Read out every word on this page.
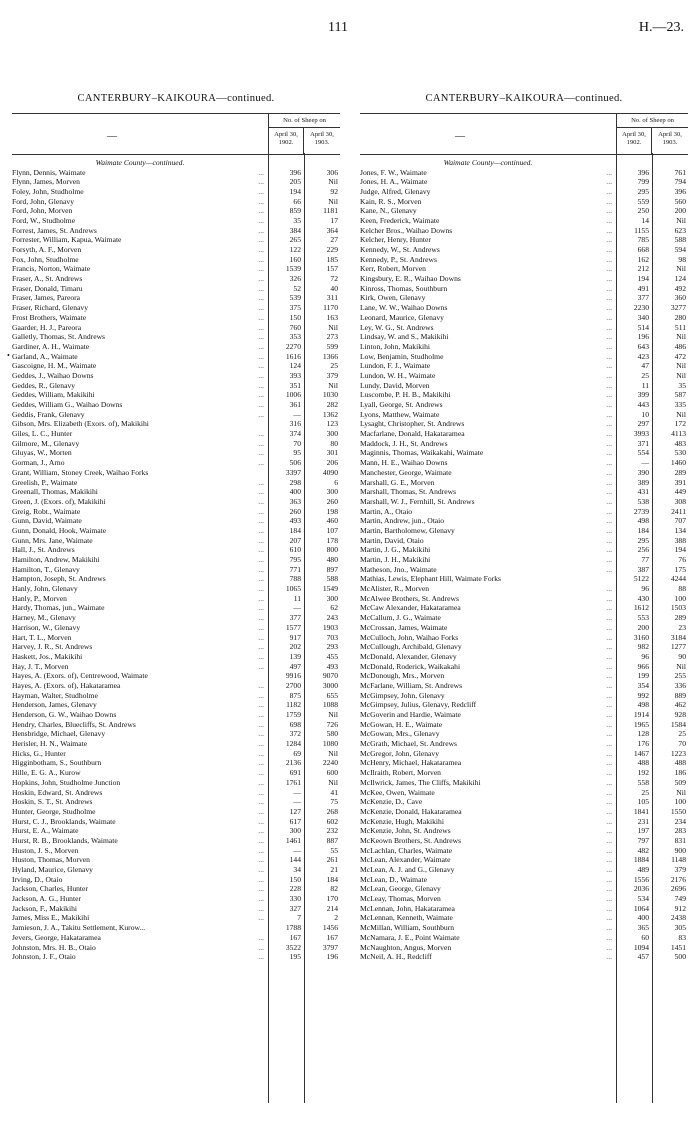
111	H.—23.
CANTERBURY–KAIKOURA—continued.
—
No. of Sheep on
April 30, 1902.
April 30, 1903.
Waimate County—continued.
Flynn, Dennis, Waimate	...	396	306
Flynn, James, Morven	...	205	Nil
Foley, John, Studholme	...	194	92
Ford, John, Glenavy	...	66	Nil
Ford, John, Morven	...	859	1181
Ford, W., Studholme	...	35	17
Forrest, James, St. Andrews	...	384	364
Forrester, William, Kapua, Waimate	...	265	27
Forsyth, A. F., Morven	...	122	229
Fox, John, Studholme	...	160	185
Francis, Norton, Waimate	...	1539	157
Fraser, A., St. Andrews	...	326	72
Fraser, Donald, Timaru	...	52	40
Fraser, James, Pareora	...	539	311
Fraser, Richard, Glenavy	...	375	1170
Frost Brothers, Waimate	...	150	163
Gaarder, H. J., Pareora	...	760	Nil
Galletly, Thomas, St. Andrews	...	353	273
Gardiner, A. H., Waimate	...	2270	599
Garland, A., Waimate	...	1616	1366
•
Gascoigne, H. M., Waimate	...	124	25
Geddes, J., Waihao Downs	...	393	379
Geddes, R., Glenavy	...	351	Nil
Geddes, William, Makikihi	...	1006	1030
Geddes, William G., Waihao Downs	...	361	282
Geddis, Frank, Glenavy	...	—	1362
Gibson, Mrs. Elizabeth (Exors. of), Makikihi	316	123
Giles, L. C., Hunter	...	374	300
Gilmore, M., Glenavy	...	70	80
Gluyas, W., Morten	...	95	301
Gorman, J., Arno	...	506	206
Grant, William, Stoney Creek, Waihao Forks	3397	4090
Greelish, P., Waimate	...	298	6
Greenall, Thomas, Makikihi	...	400	300
Green, J. (Exors. of), Makikihi	...	363	260
Greig, Robt., Waimate	...	260	198
Gunn, David, Waimate	...	493	460
Gunn, Donald, Hook, Waimate	...	184	107
Gunn, Mrs. Jane, Waimate	...	207	178
Hall, J., St. Andrews	...	610	800
Hamilton, Andrew, Makikihi	...	795	480
Hamilton, T., Glenavy	...	771	897
Hampton, Joseph, St. Andrews	...	788	588
Hanly, John, Glenavy	...	1065	1549
Hanly, P., Morven	...	11	300
Hardy, Thomas, jun., Waimate	...	—	62
Harney, M., Glenavy	...	377	243
Harrison, W., Glenavy	...	1577	1903
Hart, T. L., Morven	...	917	703
Harvey, J. R., St. Andrews	...	202	293
Haskett, Jos., Makikihi	...	139	455
Hay, J. T., Morven	...	497	493
Hayes, A. (Exors. of), Centrewood, Waimate	9916	9070
Hayes, A. (Exors. of), Hakataramea	...	2700	3000
Hayman, Walter, Studholme	...	875	655
Henderson, James, Glenavy	...	1182	1088
Henderson, G. W., Waihao Downs	...	1759	Nil
Hendry, Charles, Bluecliffs, St. Andrews	...	698	726
Hensbridge, Michael, Glenavy	...	372	580
Herisler, H. N., Waimate	...	1284	1080
Hicks, G., Hunter	...	69	Nil
Higginbotham, S., Southburn	...	2136	2240
Hille, E. G. A., Kurow	...	691	600
Hopkins, John, Studholme Junction	...	1761	Nil
Hoskin, Edward, St. Andrews	...	—	41
Hoskin, S. T., St. Andrews	...	—	75
Hunter, George, Studholme	...	127	268
Hurst, C. J., Brooklands, Waimate	...	617	602
Hurst, E. A., Waimate	...	300	232
Hurst, R. B., Brooklands, Waimate	...	1461	887
Huston, J. S., Morven	...	—	55
Huston, Thomas, Morven	...	144	261
Hyland, Maurice, Glenavy	...	34	21
Irving, D., Otaio	...	150	184
Jackson, Charles, Hunter	...	228	82
Jackson, A. G., Hunter	...	330	170
Jackson, F., Makikihi	...	327	214
James, Miss E., Makikihi	...	7	2
Jamieson, J. A., Takitu Settlement, Kurow...	1788	1456
Jevers, George, Hakataramea	...	167	167
Johnston, Mrs. H. B., Otaio	...	3522	3797
Johnston, J. F., Otaio	...	195	196
CANTERBURY–KAIKOURA—continued.
—
No. of Sheep on
April 30, 1902.
April 30, 1903.
Waimate County—continued.
Jones, F. W., Waimate	...	396	761
Jones, H. A., Waimate	...	799	794
Judge, Alfred, Glenavy	...	295	396
Kain, R. S., Morven	...	559	560
Kane, N., Glenavy	...	250	200
Keen, Frederick, Waimate	...	14	Nil
Kelcher Bros., Waihao Downs	...	1155	623
Kelcher, Henry, Hunter	...	785	588
Kennedy, W., St. Andrews	...	668	594
Kennedy, P., St. Andrews	...	162	98
Kerr, Robert, Morven	...	212	Nil
Kingsbury, E. R., Waihao Downs	...	194	124
Kinross, Thomas, Southburn	...	491	492
Kirk, Owen, Glenavy	...	377	360
Lane, W. W., Waihao Downs	...	2230	3277
Leonard, Maurice, Glenavy	...	340	280
Ley, W. G., St. Andrews	...	514	511
Lindsay, W. and S., Makikihi	...	196	Nil
Linton, John, Makikihi	...	643	486
Low, Benjamin, Studholme	...	423	472
Lundon, F. J., Waimate	...	47	Nil
Lundon, W. H., Waimate	...	25	Nil
Lundy, David, Morven	...	11	35
Luscombe, P. H. B., Makikihi	...	399	587
Lyall, George, St. Andrews	...	443	335
Lyons, Matthew, Waimate	...	10	Nil
Lysaght, Christopher, St. Andrews	...	297	172
Macfarlane, Donald, Hakataramea	...	3993	4113
Maddock, J. H., St. Andrews	...	371	483
Maginnis, Thomas, Waikakahi, Waimate	...	554	530
Mann, H. E., Waihao Downs	...	—	1460
Manchester, George, Waimate	...	390	289
Marshall, G. E., Morven	...	389	391
Marshall, Thomas, St. Andrews	...	431	449
Marshall, W. J., Fernhill, St. Andrews	...	538	308
Martin, A., Otaio	...	2739	2411
Martin, Andrew, jun., Otaio	...	498	707
Martin, Bartholomew, Glenavy	...	184	134
Martin, David, Otaio	...	295	388
Martin, J. G., Makikihi	...	256	194
Martin, J. H., Makikihi	...	77	76
Matheson, Jno., Waimate	...	387	175
Mathias, Lewis, Elephant Hill, Waimate Forks	5122	4244
McAlister, R., Morven	...	96	88
McAlwee Brothers, St. Andrews	...	430	100
McCaw Alexander, Hakataramea	...	1612	1503
McCallum, J. G., Waimate	...	553	289
McCrossan, James, Waimate	...	200	23
McCulloch, John, Waihao Forks	...	3160	3184
McCullough, Archibald, Glenavy	...	982	1277
McDonald, Alexander, Glenavy	...	96	90
McDonald, Roderick, Waikakahi	...	966	Nil
McDonough, Mrs., Morven	...	199	255
McFarlane, William, St. Andrews	...	354	336
McGimpsey, John, Glenavy	...	992	889
McGimpsey, Julius, Glenavy, Redcliff	...	498	462
McGoverin and Hardie, Waimate	...	1914	928
McGowan, H. E., Waimate	...	1965	1584
McGowan, Mrs., Glenavy	...	128	25
McGrath, Michael, St. Andrews	...	176	70
McGregor, John, Glenavy	...	1467	1223
McHenry, Michael, Hakataramea	...	488	488
McIlraith, Robert, Morven	...	192	186
McIlwrick, James, The Cliffs, Makikihi	...	558	509
McKee, Owen, Waimate	...	25	Nil
McKenzie, D., Cave	...	105	100
McKenzie, Donald, Hakataramea	...	1841	1550
McKenzie, Hugh, Makikihi	...	231	234
McKenzie, John, St. Andrews	...	197	283
McKeown Brothers, St. Andrews	...	797	831
McLachlan, Charles, Waimate	...	482	900
McLean, Alexander, Waimate	...	1884	1148
McLean, A. J. and G., Glenavy	...	489	379
McLean, D., Waimate	...	1556	2176
McLean, George, Glenavy	...	2036	2696
McLeay, Thomas, Morven	...	534	749
McLennan, John, Hakataramea	...	1064	912
McLennan, Kenneth, Waimate	...	400	2438
McMillan, William, Southburn	...	365	305
McNamara, J. E., Point Waimate	...	60	83
McNaughton, Angus, Morven	...	1094	1451
McNeil, A. H., Redcliff	...	457	500
